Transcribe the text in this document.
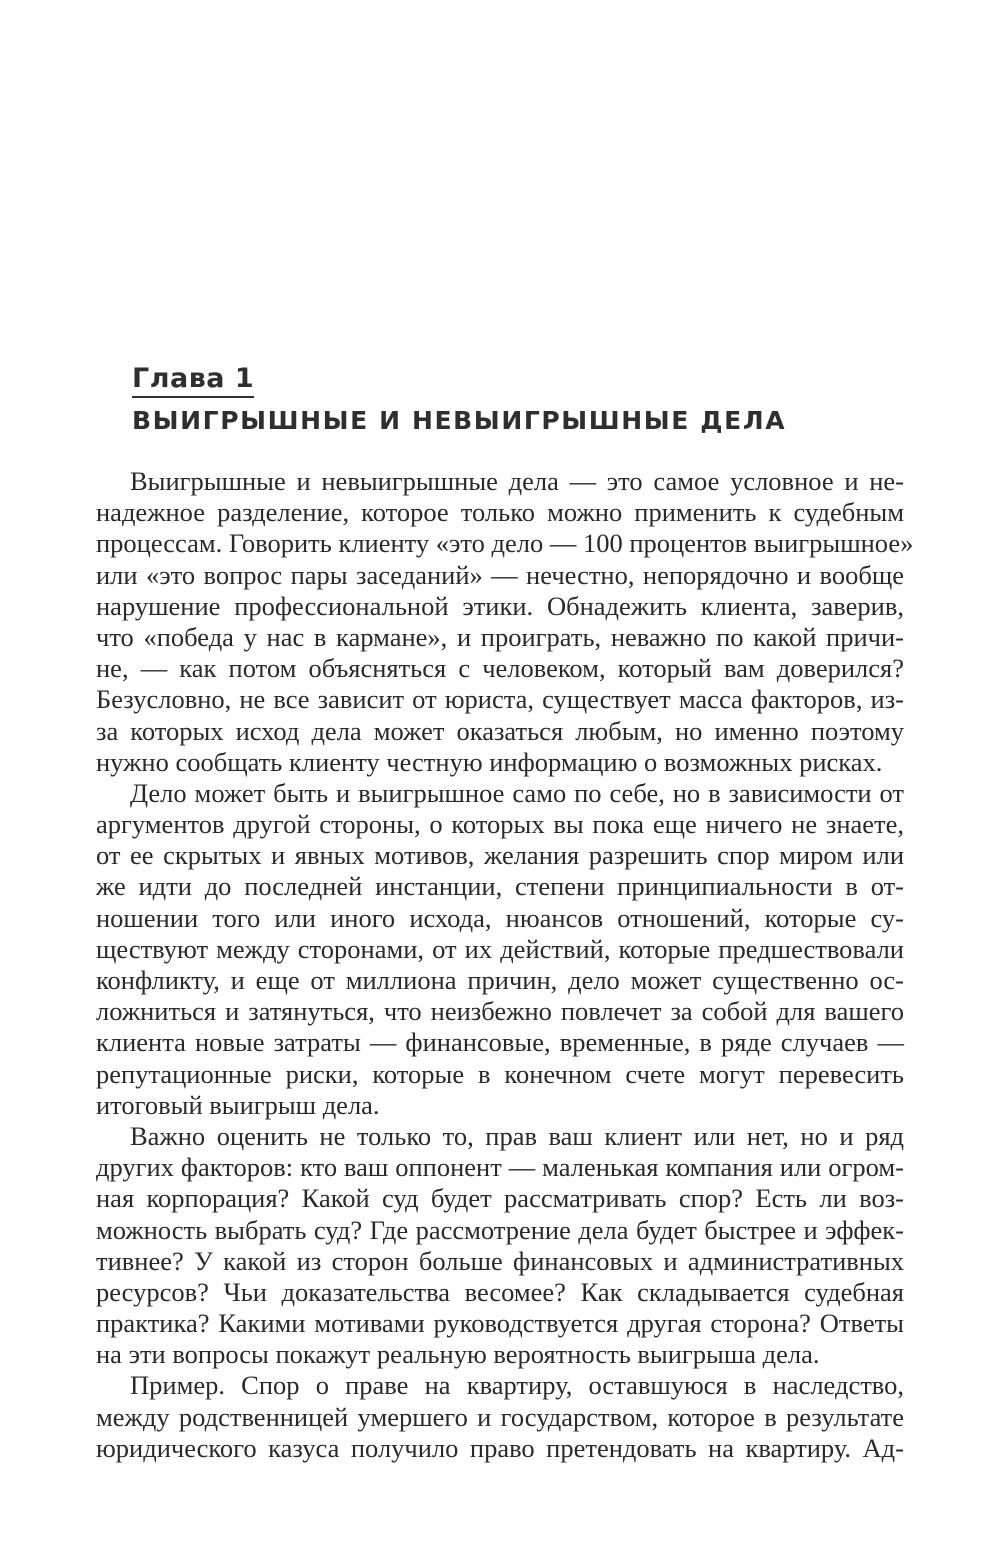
Глава 1
ВЫИГРЫШНЫЕ И НЕВЫИГРЫШНЫЕ ДЕЛА
Выигрышные и невыигрышные дела — это самое условное и не-
надежное разделение, которое только можно применить к судебным
процессам. Говорить клиенту «это дело — 100 процентов выигрышное»
или «это вопрос пары заседаний» — нечестно, непорядочно и вообще
нарушение профессиональной этики. Обнадежить клиента, заверив,
что «победа у нас в кармане», и проиграть, неважно по какой причи-
не, — как потом объясняться с человеком, который вам доверился?
Безусловно, не все зависит от юриста, существует масса факторов, из-
за которых исход дела может оказаться любым, но именно поэтому
нужно сообщать клиенту честную информацию о возможных рисках.
Дело может быть и выигрышное само по себе, но в зависимости от
аргументов другой стороны, о которых вы пока еще ничего не знаете,
от ее скрытых и явных мотивов, желания разрешить спор миром или
же идти до последней инстанции, степени принципиальности в от-
ношении того или иного исхода, нюансов отношений, которые су-
ществуют между сторонами, от их действий, которые предшествовали
конфликту, и еще от миллиона причин, дело может существенно ос-
ложниться и затянуться, что неизбежно повлечет за собой для вашего
клиента новые затраты — финансовые, временные, в ряде случаев —
репутационные риски, которые в конечном счете могут перевесить
итоговый выигрыш дела.
Важно оценить не только то, прав ваш клиент или нет, но и ряд
других факторов: кто ваш оппонент — маленькая компания или огром-
ная корпорация? Какой суд будет рассматривать спор? Есть ли воз-
можность выбрать суд? Где рассмотрение дела будет быстрее и эффек-
тивнее? У какой из сторон больше финансовых и административных
ресурсов? Чьи доказательства весомее? Как складывается судебная
практика? Какими мотивами руководствуется другая сторона? Ответы
на эти вопросы покажут реальную вероятность выигрыша дела.
Пример. Спор о праве на квартиру, оставшуюся в наследство,
между родственницей умершего и государством, которое в результате
юридического казуса получило право претендовать на квартиру. Ад-
